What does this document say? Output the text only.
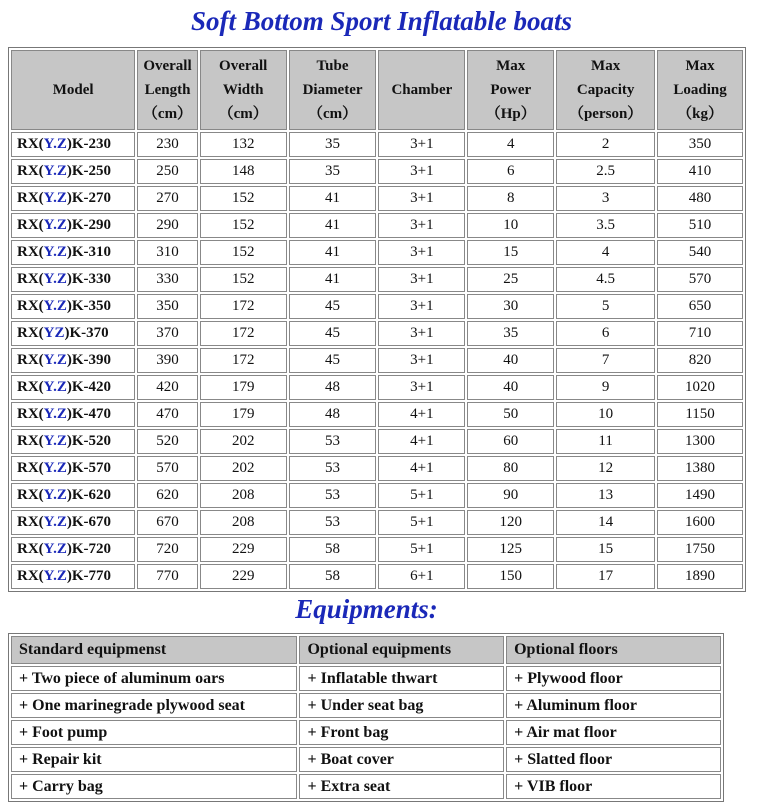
Soft Bottom Sport Inflatable boats
Model	Overall
Length
（cm）	Overall
Width
（cm）	Tube
Diameter
（cm）	Chamber	Max
Power
（Hp）	Max
Capacity
（person）	Max
Loading
（kg）
RX(Y.Z)K-230	230	132	35	3+1	4	2	350
RX(Y.Z)K-250	250	148	35	3+1	6	2.5	410
RX(Y.Z)K-270	270	152	41	3+1	8	3	480
RX(Y.Z)K-290	290	152	41	3+1	10	3.5	510
RX(Y.Z)K-310	310	152	41	3+1	15	4	540
RX(Y.Z)K-330	330	152	41	3+1	25	4.5	570
RX(Y.Z)K-350	350	172	45	3+1	30	5	650
RX(YZ)K-370	370	172	45	3+1	35	6	710
RX(Y.Z)K-390	390	172	45	3+1	40	7	820
RX(Y.Z)K-420	420	179	48	3+1	40	9	1020
RX(Y.Z)K-470	470	179	48	4+1	50	10	1150
RX(Y.Z)K-520	520	202	53	4+1	60	11	1300
RX(Y.Z)K-570	570	202	53	4+1	80	12	1380
RX(Y.Z)K-620	620	208	53	5+1	90	13	1490
RX(Y.Z)K-670	670	208	53	5+1	120	14	1600
RX(Y.Z)K-720	720	229	58	5+1	125	15	1750
RX(Y.Z)K-770	770	229	58	6+1	150	17	1890
Equipments:
Standard equipmenst	Optional equipments	Optional floors
+ Two piece of aluminum oars	+ Inflatable thwart	+ Plywood floor
+ One marinegrade plywood seat	+ Under seat bag	+ Aluminum floor
+ Foot pump	+ Front bag	+ Air mat floor
+ Repair kit	+ Boat cover	+ Slatted floor
+ Carry bag	+ Extra seat	+ VIB floor
